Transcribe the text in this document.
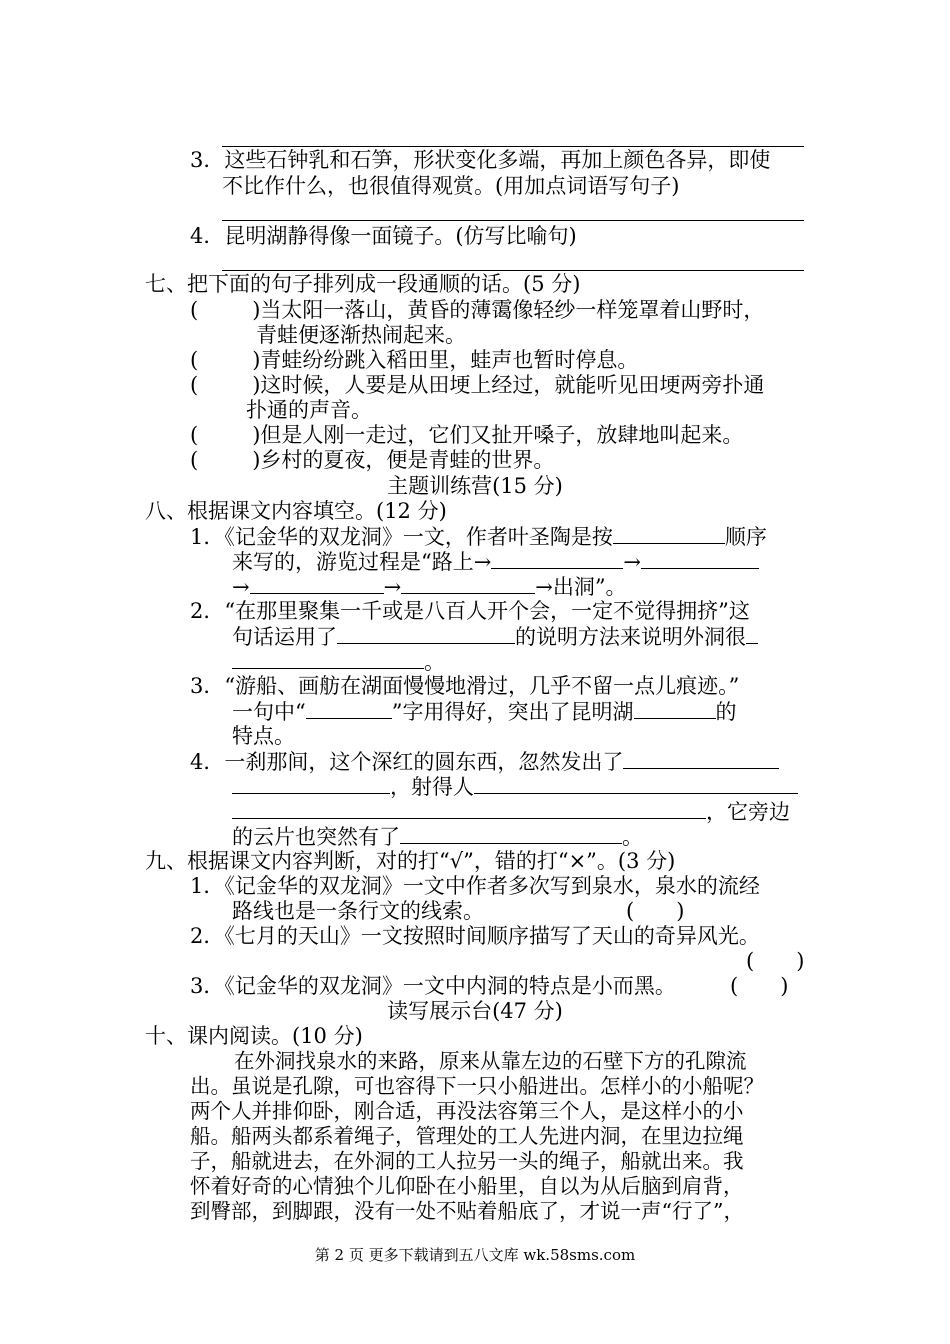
3．这些石钟乳和石笋，形状变化多端，再加上颜色各异，即使
不比作什么，也很值得观赏。(用加点词语写句子)
4．昆明湖静得像一面镜子。(仿写比喻句)
七、把下面的句子排列成一段通顺的话。(5 分)
(	)当太阳一落山，黄昏的薄霭像轻纱一样笼罩着山野时，
青蛙便逐渐热闹起来。
(	)青蛙纷纷跳入稻田里，蛙声也暂时停息。
(	)这时候，人要是从田埂上经过，就能听见田埂两旁扑通
扑通的声音。
(	)但是人刚一走过，它们又扯开嗓子，放肆地叫起来。
(	)乡村的夏夜，便是青蛙的世界。
主题训练营(15 分)
八、根据课文内容填空。(12 分)
1．《记金华的双龙洞》一文，作者叶圣陶是按	顺序
来写的，游览过程是“路上→	→
→	→	→出洞”。
2．“在那里聚集一千或是八百人开个会，一定不觉得拥挤”这
句话运用了	的说明方法来说明外洞很
。
3．“游船、画舫在湖面慢慢地滑过，几乎不留一点儿痕迹。”
一句中“	”字用得好，突出了昆明湖	的
特点。
4．一刹那间，这个深红的圆东西，忽然发出了
，射得人
，它旁边
的云片也突然有了	。
九、根据课文内容判断，对的打“√”，错的打“×”。(3 分)
1．《记金华的双龙洞》一文中作者多次写到泉水，泉水的流经
路线也是一条行文的线索。	(　　)
2．《七月的天山》一文按照时间顺序描写了天山的奇异风光。
(　　)
3．《记金华的双龙洞》一文中内洞的特点是小而黑。	(　　)
读写展示台(47 分)
十、课内阅读。(10 分)
在外洞找泉水的来路，原来从靠左边的石壁下方的孔隙流
出。虽说是孔隙，可也容得下一只小船进出。怎样小的小船呢？
两个人并排仰卧，刚合适，再没法容第三个人，是这样小的小
船。船两头都系着绳子，管理处的工人先进内洞，在里边拉绳
子，船就进去，在外洞的工人拉另一头的绳子，船就出来。我
怀着好奇的心情独个儿仰卧在小船里，自以为从后脑到肩背，
到臀部，到脚跟，没有一处不贴着船底了，才说一声“行了”，
第 2 页 更多下载请到五八文库 wk.58sms.com
